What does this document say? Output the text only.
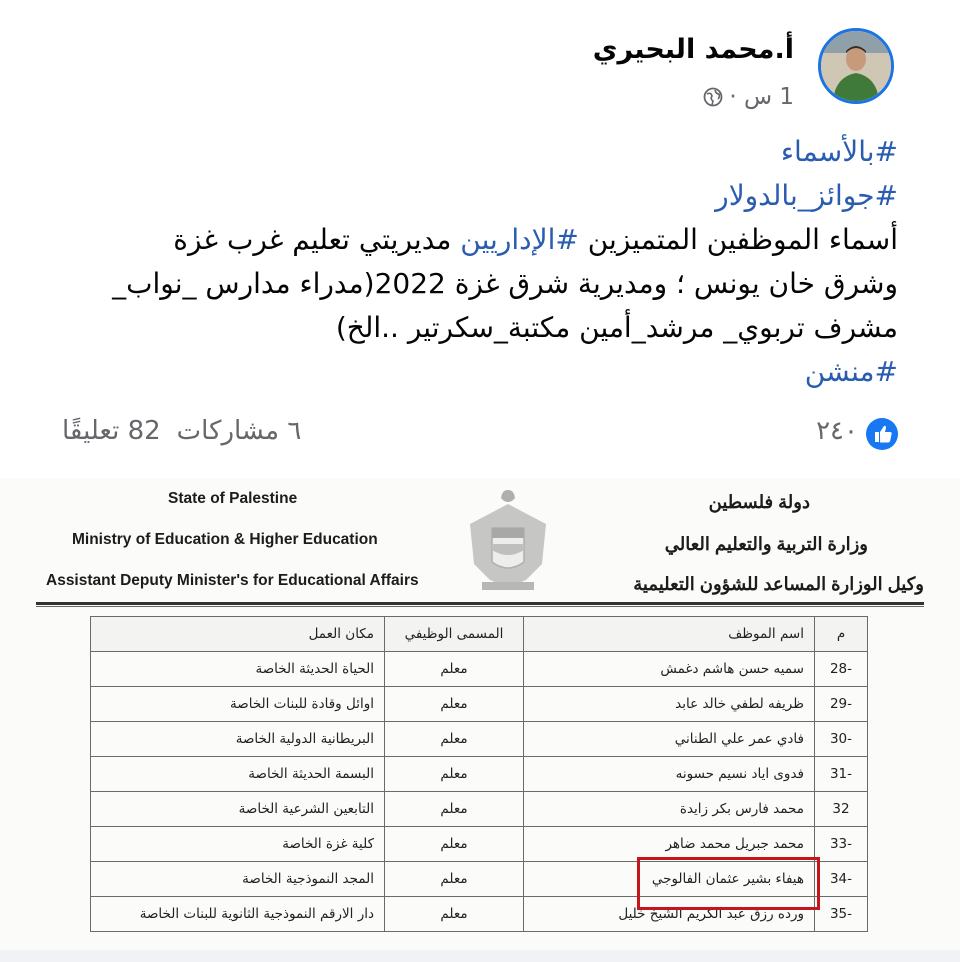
أ.محمد البحيري
1 س ·
#بالأسماء
#جوائز_بالدولار
أسماء الموظفين المتميزين #الإداريين مديريتي تعليم غرب غزة
وشرق خان يونس ؛ ومديرية شرق غزة 2022(مدراء مدارس _نواب_
مشرف تربوي_ مرشد_أمين مكتبة_سكرتير ..الخ)
#منشن
٢٤٠
٦ مشاركات
82 تعليقًا
State of Palestine
Ministry of Education & Higher Education
Assistant Deputy Minister's for Educational Affairs
دولة فلسطين
وزارة التربية والتعليم العالي
وكيل الوزارة المساعد للشؤون التعليمية
م	اسم الموظف	المسمى الوظيفي	مكان العمل
-28	سميه حسن هاشم دغمش	معلم	الحياة الحديثة الخاصة
-29	ظريفه لطفي خالد عابد	معلم	اوائل وقادة للبنات الخاصة
-30	فادي عمر علي الطناني	معلم	البريطانية الدولية الخاصة
-31	فدوى اياد نسيم حسونه	معلم	البسمة الحديثة الخاصة
32	محمد فارس بكر زايدة	معلم	التابعين الشرعية الخاصة
-33	محمد جبريل محمد ضاهر	معلم	كلية غزة الخاصة
-34	هيفاء بشير عثمان الفالوجي	معلم	المجد النموذجية الخاصة
-35	ورده رزق عبد الكريم الشيخ خليل	معلم	دار الارقم النموذجية الثانوية للبنات الخاصة
